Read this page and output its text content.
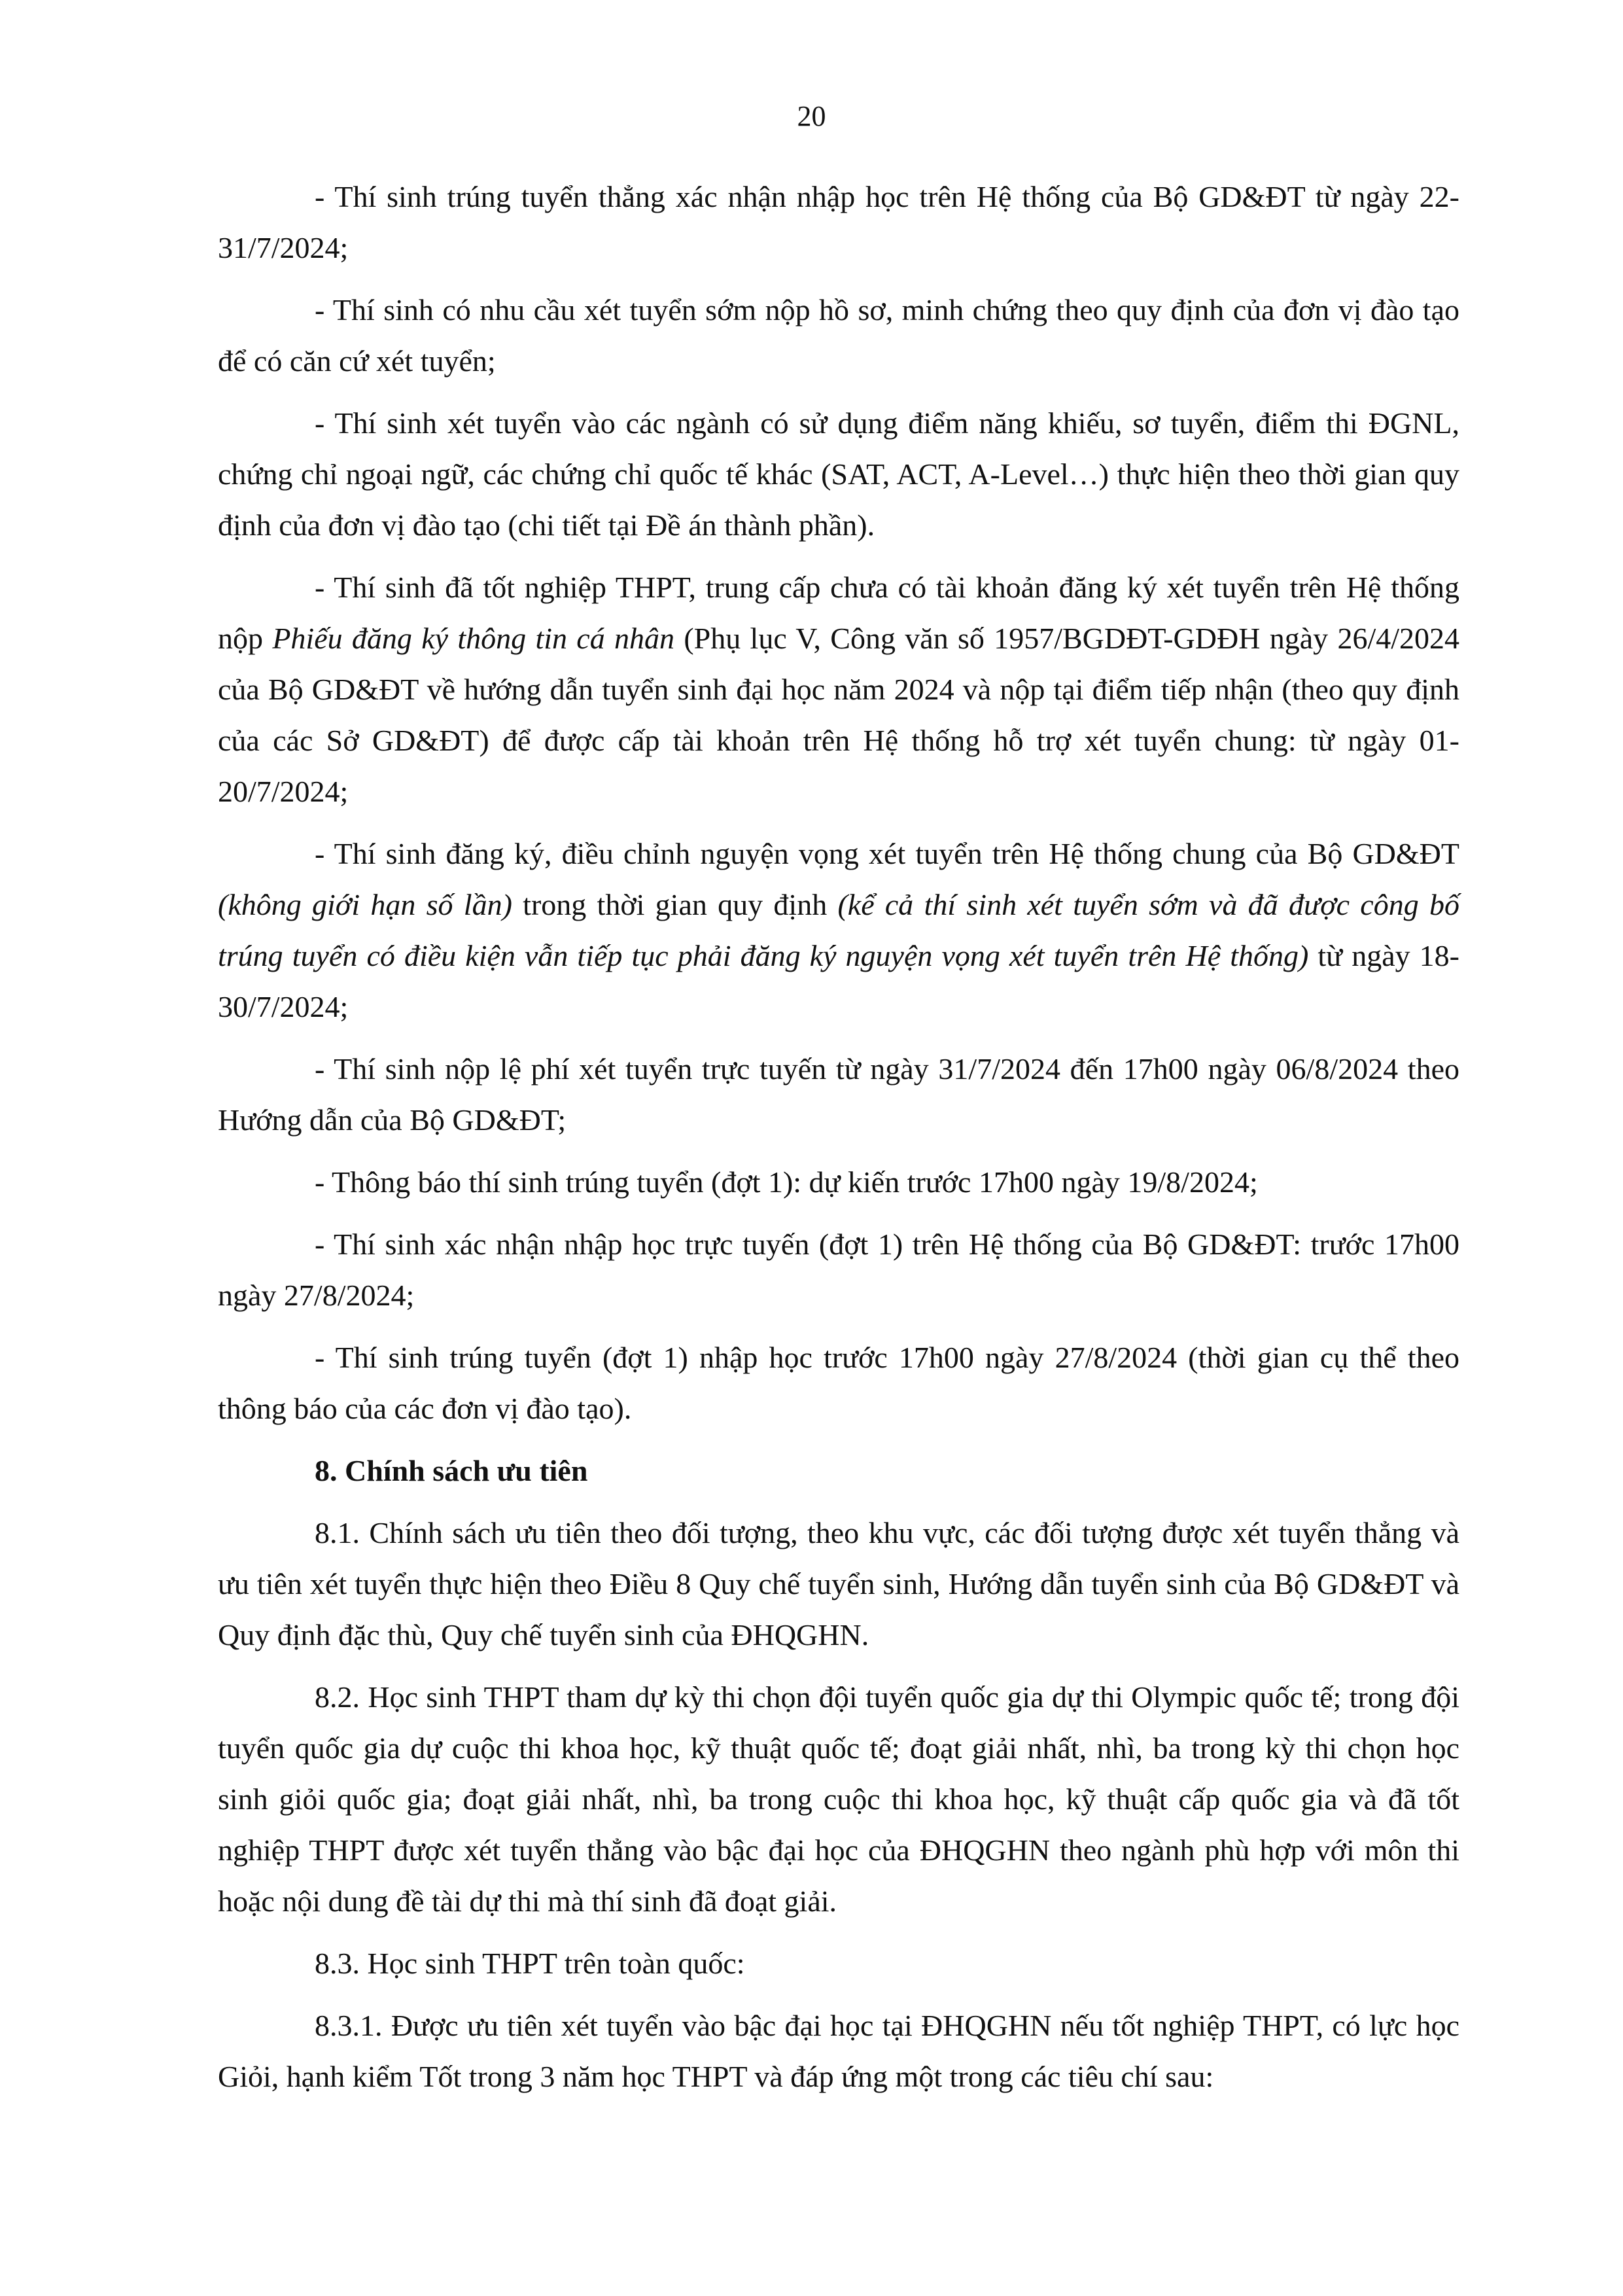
20

- Thí sinh trúng tuyển thẳng xác nhận nhập học trên Hệ thống của Bộ GD&ĐT từ ngày 22-31/7/2024;

- Thí sinh có nhu cầu xét tuyển sớm nộp hồ sơ, minh chứng theo quy định của đơn vị đào tạo để có căn cứ xét tuyển;

- Thí sinh xét tuyển vào các ngành có sử dụng điểm năng khiếu, sơ tuyển, điểm thi ĐGNL, chứng chỉ ngoại ngữ, các chứng chỉ quốc tế khác (SAT, ACT, A-Level…) thực hiện theo thời gian quy định của đơn vị đào tạo (chi tiết tại Đề án thành phần).

- Thí sinh đã tốt nghiệp THPT, trung cấp chưa có tài khoản đăng ký xét tuyển trên Hệ thống nộp Phiếu đăng ký thông tin cá nhân (Phụ lục V, Công văn số 1957/BGDĐT-GDĐH ngày 26/4/2024 của Bộ GD&ĐT về hướng dẫn tuyển sinh đại học năm 2024 và nộp tại điểm tiếp nhận (theo quy định của các Sở GD&ĐT) để được cấp tài khoản trên Hệ thống hỗ trợ xét tuyển chung: từ ngày 01-20/7/2024;

- Thí sinh đăng ký, điều chỉnh nguyện vọng xét tuyển trên Hệ thống chung của Bộ GD&ĐT (không giới hạn số lần) trong thời gian quy định (kể cả thí sinh xét tuyển sớm và đã được công bố trúng tuyển có điều kiện vẫn tiếp tục phải đăng ký nguyện vọng xét tuyển trên Hệ thống) từ ngày 18-30/7/2024;

- Thí sinh nộp lệ phí xét tuyển trực tuyến từ ngày 31/7/2024 đến 17h00 ngày 06/8/2024 theo Hướng dẫn của Bộ GD&ĐT;

- Thông báo thí sinh trúng tuyển (đợt 1): dự kiến trước 17h00 ngày 19/8/2024;

- Thí sinh xác nhận nhập học trực tuyến (đợt 1) trên Hệ thống của Bộ GD&ĐT: trước 17h00 ngày 27/8/2024;

- Thí sinh trúng tuyển (đợt 1) nhập học trước 17h00 ngày 27/8/2024 (thời gian cụ thể theo thông báo của các đơn vị đào tạo).

8. Chính sách ưu tiên

8.1. Chính sách ưu tiên theo đối tượng, theo khu vực, các đối tượng được xét tuyển thẳng và ưu tiên xét tuyển thực hiện theo Điều 8 Quy chế tuyển sinh, Hướng dẫn tuyển sinh của Bộ GD&ĐT và Quy định đặc thù, Quy chế tuyển sinh của ĐHQGHN.

8.2. Học sinh THPT tham dự kỳ thi chọn đội tuyển quốc gia dự thi Olympic quốc tế; trong đội tuyển quốc gia dự cuộc thi khoa học, kỹ thuật quốc tế; đoạt giải nhất, nhì, ba trong kỳ thi chọn học sinh giỏi quốc gia; đoạt giải nhất, nhì, ba trong cuộc thi khoa học, kỹ thuật cấp quốc gia và đã tốt nghiệp THPT được xét tuyển thẳng vào bậc đại học của ĐHQGHN theo ngành phù hợp với môn thi hoặc nội dung đề tài dự thi mà thí sinh đã đoạt giải.

8.3. Học sinh THPT trên toàn quốc:

8.3.1. Được ưu tiên xét tuyển vào bậc đại học tại ĐHQGHN nếu tốt nghiệp THPT, có lực học Giỏi, hạnh kiểm Tốt trong 3 năm học THPT và đáp ứng một trong các tiêu chí sau:
